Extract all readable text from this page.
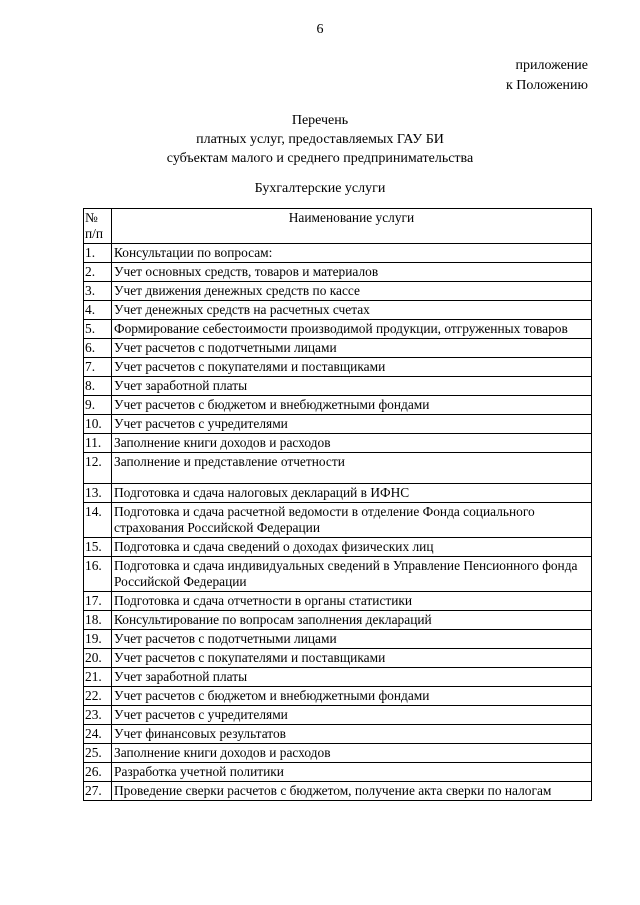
6
приложение
к Положению
Перечень
платных услуг, предоставляемых ГАУ БИ
субъектам малого и среднего предпринимательства
Бухгалтерские услуги
№
п/п	Наименование услуги
1.	Консультации по вопросам:
2.	Учет основных средств, товаров и материалов
3.	Учет движения денежных средств по кассе
4.	Учет денежных средств на расчетных счетах
5.	Формирование себестоимости производимой продукции, отгруженных товаров
6.	Учет расчетов с подотчетными лицами
7.	Учет расчетов с покупателями и поставщиками
8.	Учет заработной платы
9.	Учет расчетов с бюджетом и внебюджетными фондами
10.	Учет расчетов с учредителями
11.	Заполнение книги доходов и расходов
12.	Заполнение и представление отчетности
13.	Подготовка и сдача налоговых деклараций в ИФНС
14.	Подготовка и сдача расчетной ведомости в отделение Фонда социального страхования Российской Федерации
15.	Подготовка и сдача сведений о доходах физических лиц
16.	Подготовка и сдача индивидуальных сведений в Управление Пенсионного фонда Российской Федерации
17.	Подготовка и сдача отчетности в органы статистики
18.	Консультирование по вопросам заполнения деклараций
19.	Учет расчетов с подотчетными лицами
20.	Учет расчетов с покупателями и поставщиками
21.	Учет заработной платы
22.	Учет расчетов с бюджетом и внебюджетными фондами
23.	Учет расчетов с учредителями
24.	Учет финансовых результатов
25.	Заполнение книги доходов и расходов
26.	Разработка учетной политики
27.	Проведение сверки расчетов с бюджетом, получение акта сверки по налогам
